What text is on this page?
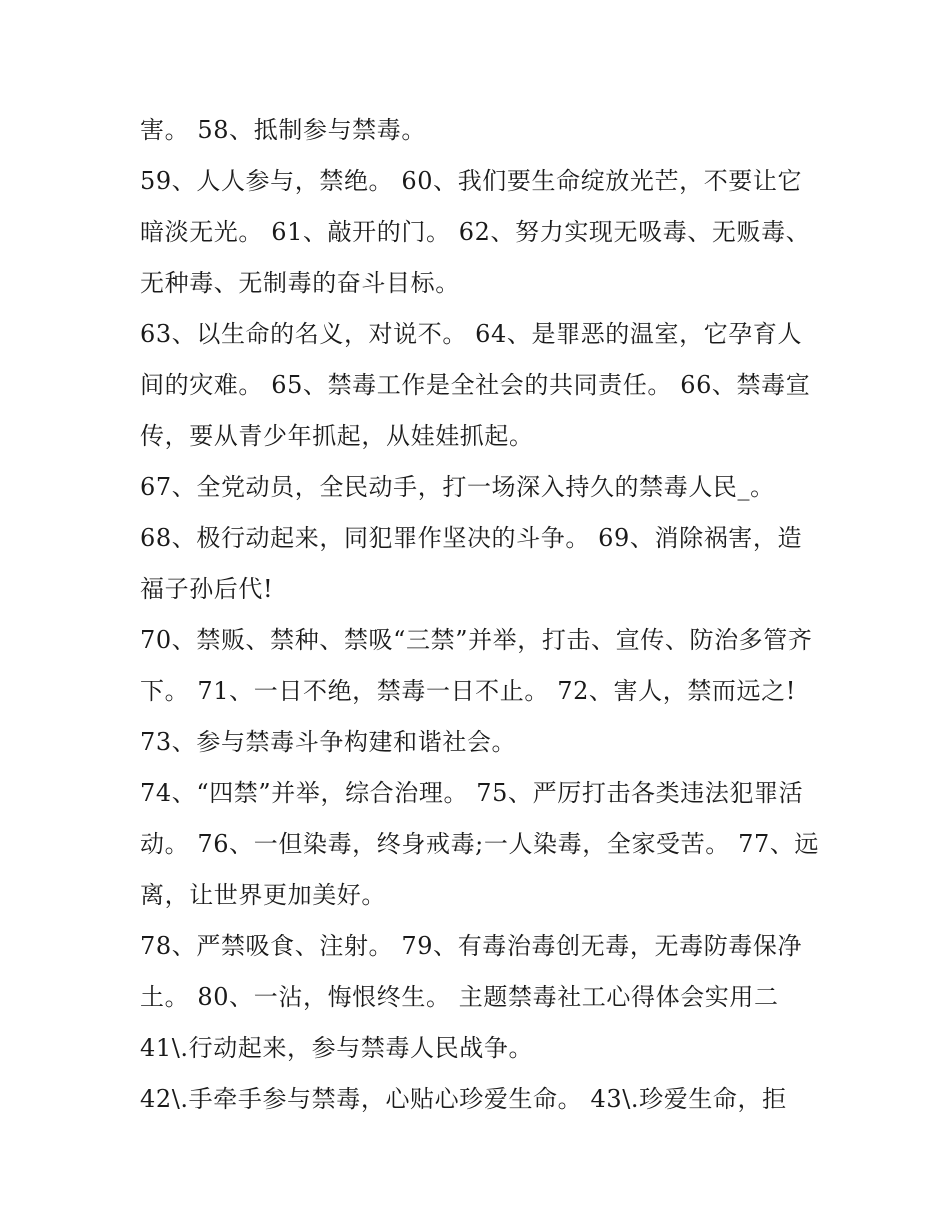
害。 58、抵制参与禁毒。
59、人人参与，禁绝。 60、我们要生命绽放光芒，不要让它
暗淡无光。 61、敲开的门。 62、努力实现无吸毒、无贩毒、
无种毒、无制毒的奋斗目标。
63、以生命的名义，对说不。 64、是罪恶的温室，它孕育人
间的灾难。 65、禁毒工作是全社会的共同责任。 66、禁毒宣
传，要从青少年抓起，从娃娃抓起。
67、全党动员，全民动手，打一场深入持久的禁毒人民_。
68、极行动起来，同犯罪作坚决的斗争。 69、消除祸害，造
福子孙后代!
70、禁贩、禁种、禁吸“三禁”并举，打击、宣传、防治多管齐
下。 71、一日不绝，禁毒一日不止。 72、害人，禁而远之!
73、参与禁毒斗争构建和谐社会。
74、“四禁”并举，综合治理。 75、严厉打击各类违法犯罪活
动。 76、一但染毒，终身戒毒;一人染毒，全家受苦。 77、远
离，让世界更加美好。
78、严禁吸食、注射。 79、有毒治毒创无毒，无毒防毒保净
土。 80、一沾，悔恨终生。 主题禁毒社工心得体会实用二
41\.行动起来，参与禁毒人民战争。
42\.手牵手参与禁毒，心贴心珍爱生命。 43\.珍爱生命，拒
